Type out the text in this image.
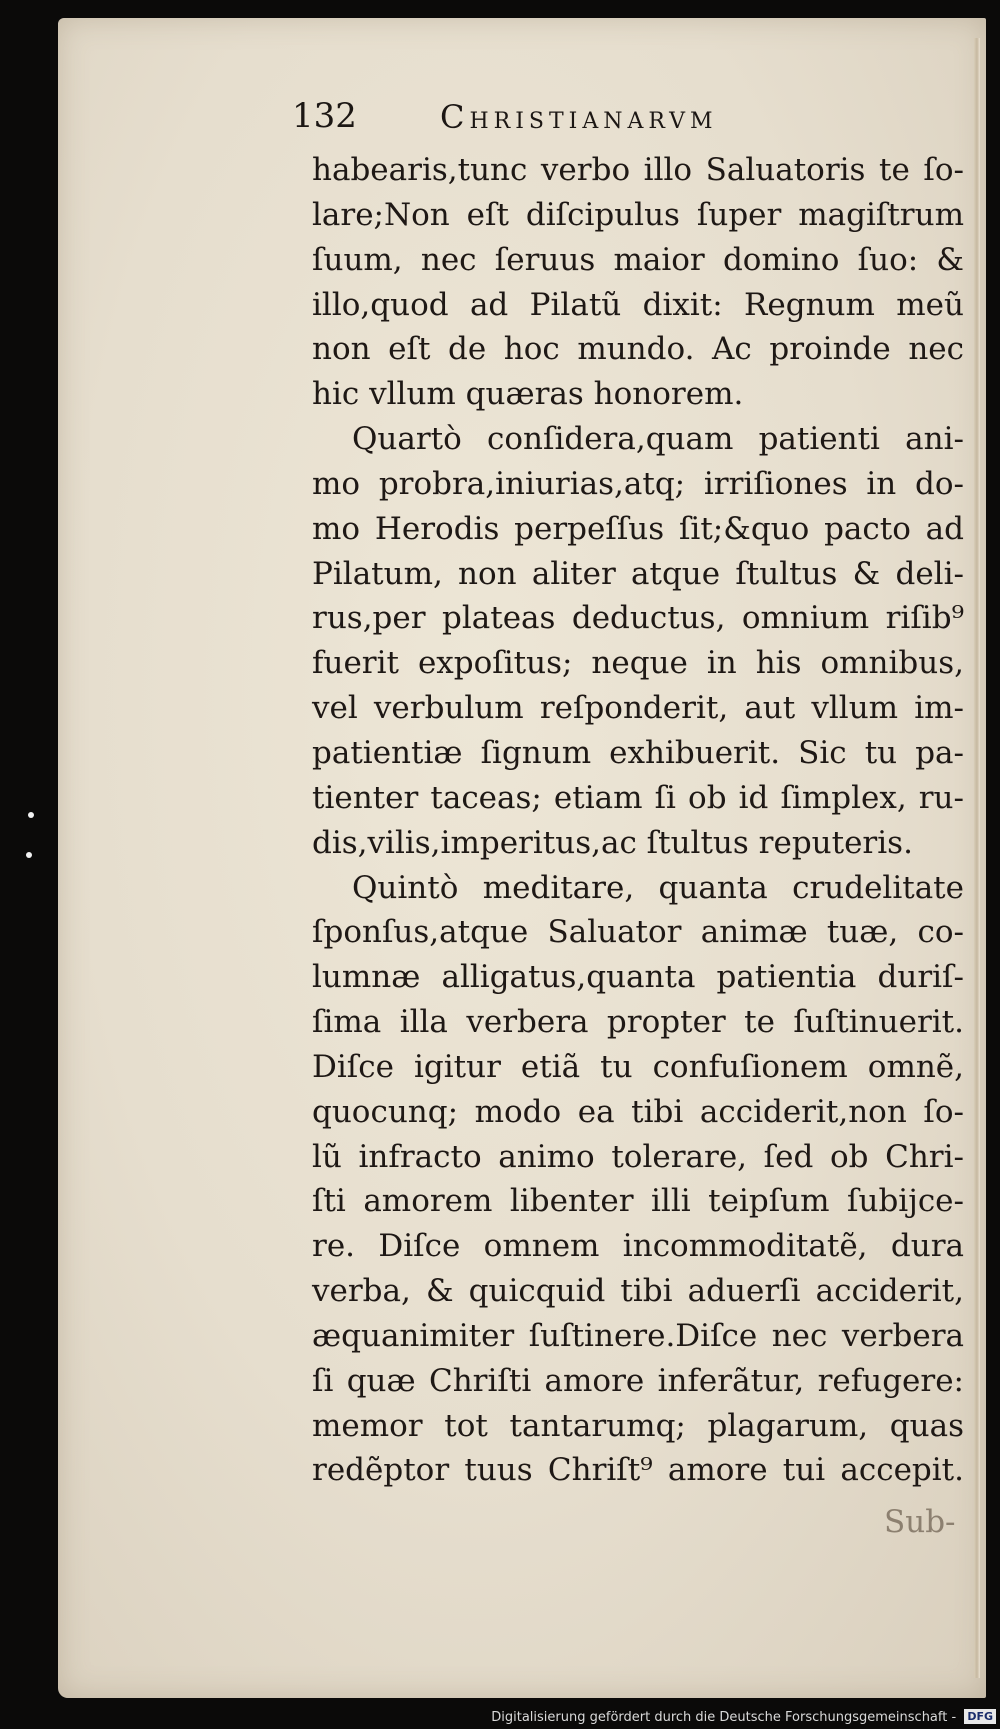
132	Christianarvm
habearis,tunc verbo illo Saluatoris te ſo-
lare;Non eſt diſcipulus ſuper magiſtrum
ſuum, nec ſeruus maior domino ſuo: &
illo,quod ad Pilatũ dixit: Regnum meũ
non eſt de hoc mundo. Ac proinde nec
hic vllum quæras honorem.
Quartò conſidera,quam patienti ani-
mo probra,iniurias,atq; irriſiones in do-
mo Herodis perpeſſus ſit;&quo pacto ad
Pilatum, non aliter atque ſtultus & deli-
rus,per plateas deductus, omnium riſib⁹
fuerit expoſitus; neque in his omnibus,
vel verbulum reſponderit, aut vllum im-
patientiæ ſignum exhibuerit. Sic tu pa-
tienter taceas; etiam ſi ob id ſimplex, ru-
dis,vilis,imperitus,ac ſtultus reputeris.
Quintò meditare, quanta crudelitate
ſponſus,atque Saluator animæ tuæ, co-
lumnæ alligatus,quanta patientia duriſ-
ſima illa verbera propter te ſuſtinuerit.
Diſce igitur etiã tu confuſionem omnẽ,
quocunq; modo ea tibi acciderit,non ſo-
lũ infracto animo tolerare, ſed ob Chri-
ſti amorem libenter illi teipſum ſubijce-
re. Diſce omnem incommoditatẽ, dura
verba, & quicquid tibi aduerſi acciderit,
æquanimiter ſuſtinere.Diſce nec verbera
ſi quæ Chriſti amore inferãtur, refugere:
memor tot tantarumq; plagarum, quas
redẽptor tuus Chriſt⁹ amore tui accepit.
Sub-
Digitalisierung gefördert durch die Deutsche Forschungsgemeinschaft - DFG
